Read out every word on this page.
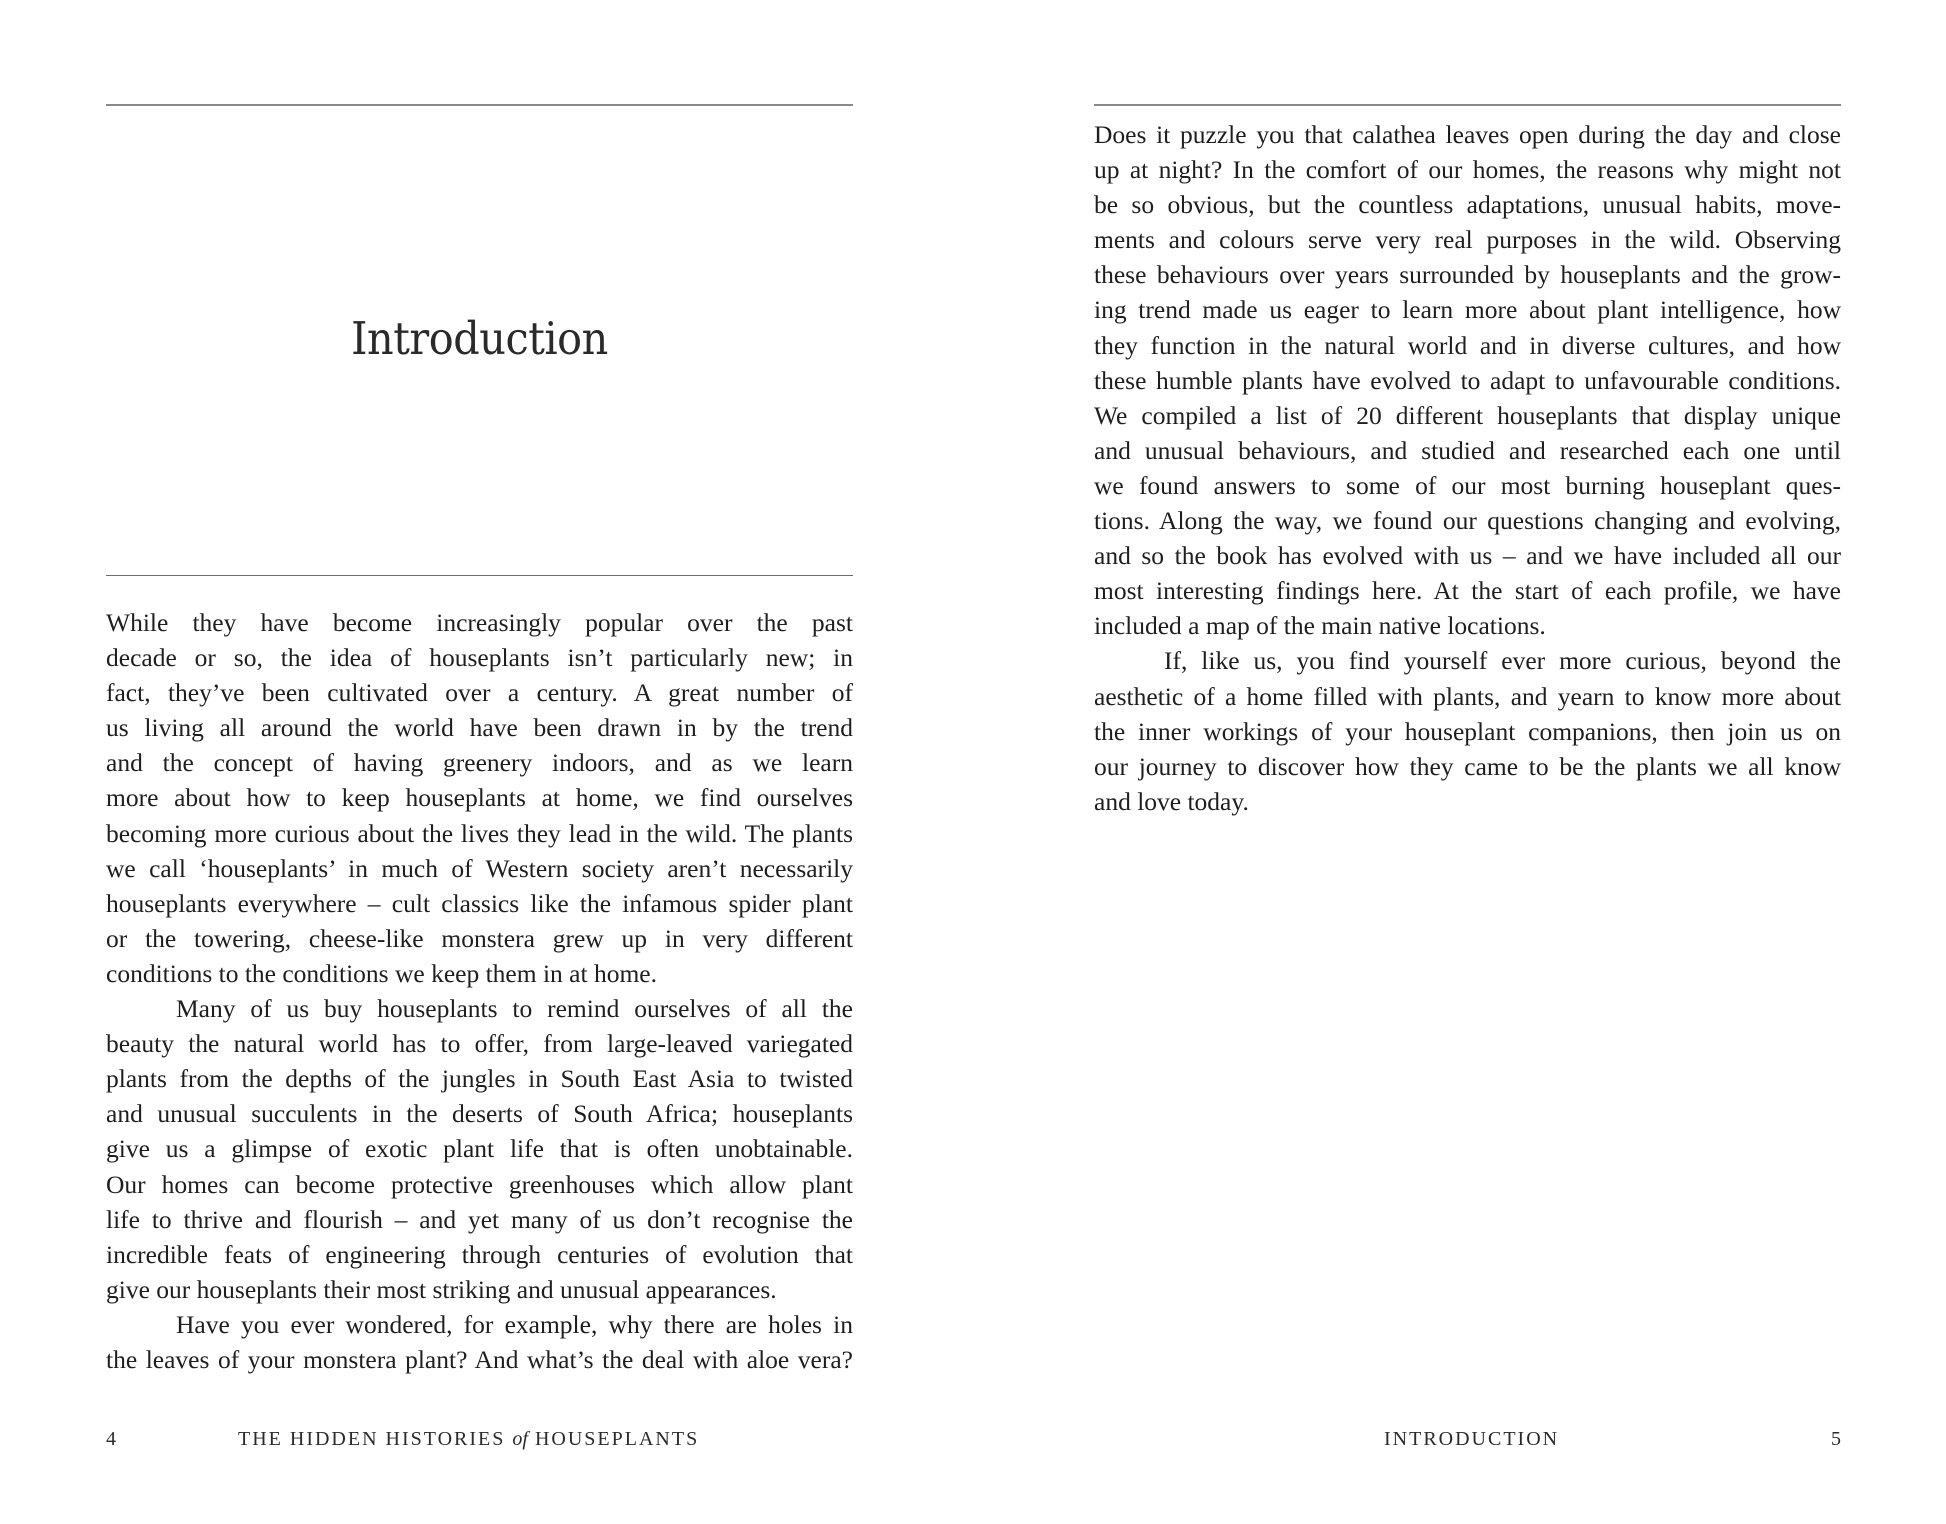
Introduction
While they have become increasingly popular over the past
decade or so, the idea of houseplants isn’t particularly new; in
fact, they’ve been cultivated over a century. A great number of
us living all around the world have been drawn in by the trend
and the concept of having greenery indoors, and as we learn
more about how to keep houseplants at home, we find ourselves
becoming more curious about the lives they lead in the wild. The plants
we call ‘houseplants’ in much of Western society aren’t necessarily
houseplants everywhere – cult classics like the infamous spider plant
or the towering, cheese-like monstera grew up in very different
conditions to the conditions we keep them in at home.
Many of us buy houseplants to remind ourselves of all the
beauty the natural world has to offer, from large-leaved variegated
plants from the depths of the jungles in South East Asia to twisted
and unusual succulents in the deserts of South Africa; houseplants
give us a glimpse of exotic plant life that is often unobtainable.
Our homes can become protective greenhouses which allow plant
life to thrive and flourish – and yet many of us don’t recognise the
incredible feats of engineering through centuries of evolution that
give our houseplants their most striking and unusual appearances.
Have you ever wondered, for example, why there are holes in
the leaves of your monstera plant? And what’s the deal with aloe vera?
4	THE HIDDEN HISTORIES of HOUSEPLANTS
Does it puzzle you that calathea leaves open during the day and close
up at night? In the comfort of our homes, the reasons why might not
be so obvious, but the countless adaptations, unusual habits, move-
ments and colours serve very real purposes in the wild. Observing
these behaviours over years surrounded by houseplants and the grow-
ing trend made us eager to learn more about plant intelligence, how
they function in the natural world and in diverse cultures, and how
these humble plants have evolved to adapt to unfavourable conditions.
We compiled a list of 20 different houseplants that display unique
and unusual behaviours, and studied and researched each one until
we found answers to some of our most burning houseplant ques-
tions. Along the way, we found our questions changing and evolving,
and so the book has evolved with us – and we have included all our
most interesting findings here. At the start of each profile, we have
included a map of the main native locations.
If, like us, you find yourself ever more curious, beyond the
aesthetic of a home filled with plants, and yearn to know more about
the inner workings of your houseplant companions, then join us on
our journey to discover how they came to be the plants we all know
and love today.
INTRODUCTION	5
